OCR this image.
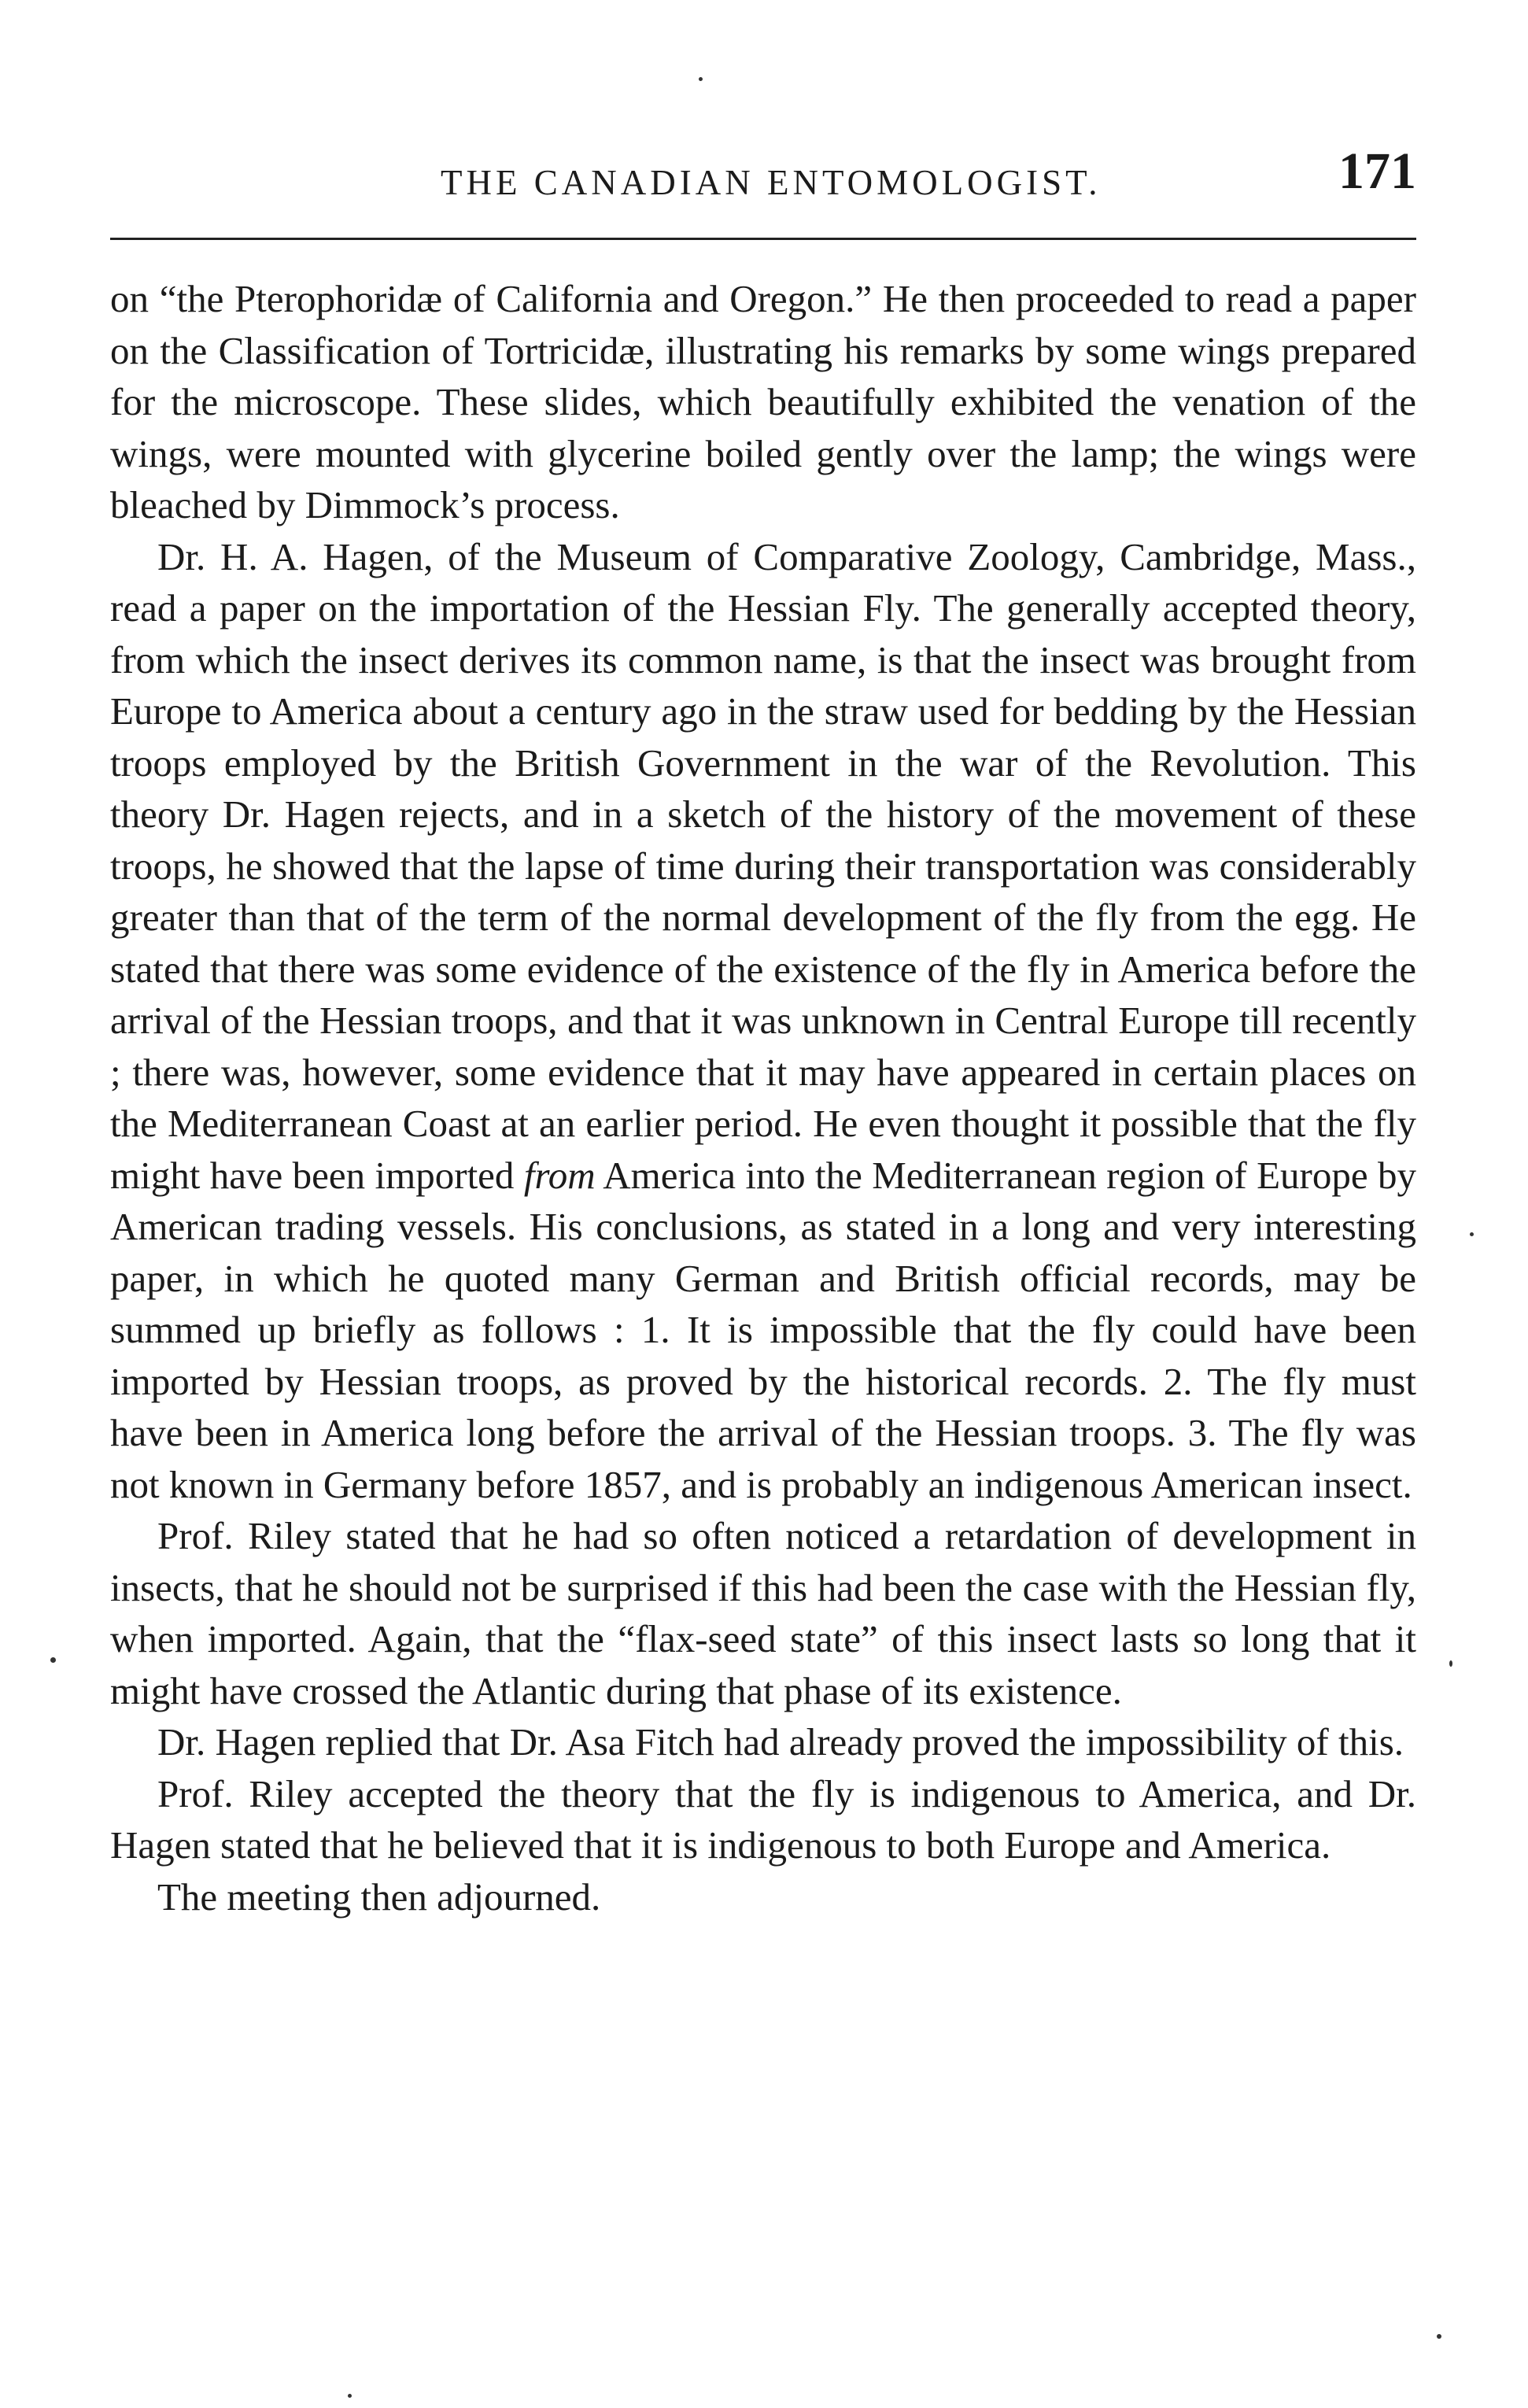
THE CANADIAN ENTOMOLOGIST.	171

on “the Pterophoridæ of California and Oregon.” He then proceeded to read a paper on the Classification of Tortricidæ, illustrating his remarks by some wings prepared for the microscope. These slides, which beautifully exhibited the venation of the wings, were mounted with glycerine boiled gently over the lamp; the wings were bleached by Dimmock’s process.

Dr. H. A. Hagen, of the Museum of Comparative Zoology, Cambridge, Mass., read a paper on the importation of the Hessian Fly. The generally accepted theory, from which the insect derives its common name, is that the insect was brought from Europe to America about a century ago in the straw used for bedding by the Hessian troops employed by the British Government in the war of the Revolution. This theory Dr. Hagen rejects, and in a sketch of the history of the movement of these troops, he showed that the lapse of time during their transportation was considerably greater than that of the term of the normal development of the fly from the egg. He stated that there was some evidence of the existence of the fly in America before the arrival of the Hessian troops, and that it was unknown in Central Europe till recently ; there was, however, some evidence that it may have appeared in certain places on the Mediterranean Coast at an earlier period. He even thought it possible that the fly might have been imported from America into the Mediterranean region of Europe by American trading vessels. His conclusions, as stated in a long and very interesting paper, in which he quoted many German and British official records, may be summed up briefly as follows : 1. It is impossible that the fly could have been imported by Hessian troops, as proved by the historical records. 2. The fly must have been in America long before the arrival of the Hessian troops. 3. The fly was not known in Germany before 1857, and is probably an indigenous American insect.

Prof. Riley stated that he had so often noticed a retardation of development in insects, that he should not be surprised if this had been the case with the Hessian fly, when imported. Again, that the “flax-seed state” of this insect lasts so long that it might have crossed the Atlantic during that phase of its existence.

Dr. Hagen replied that Dr. Asa Fitch had already proved the impossibility of this.

Prof. Riley accepted the theory that the fly is indigenous to America, and Dr. Hagen stated that he believed that it is indigenous to both Europe and America.

The meeting then adjourned.
